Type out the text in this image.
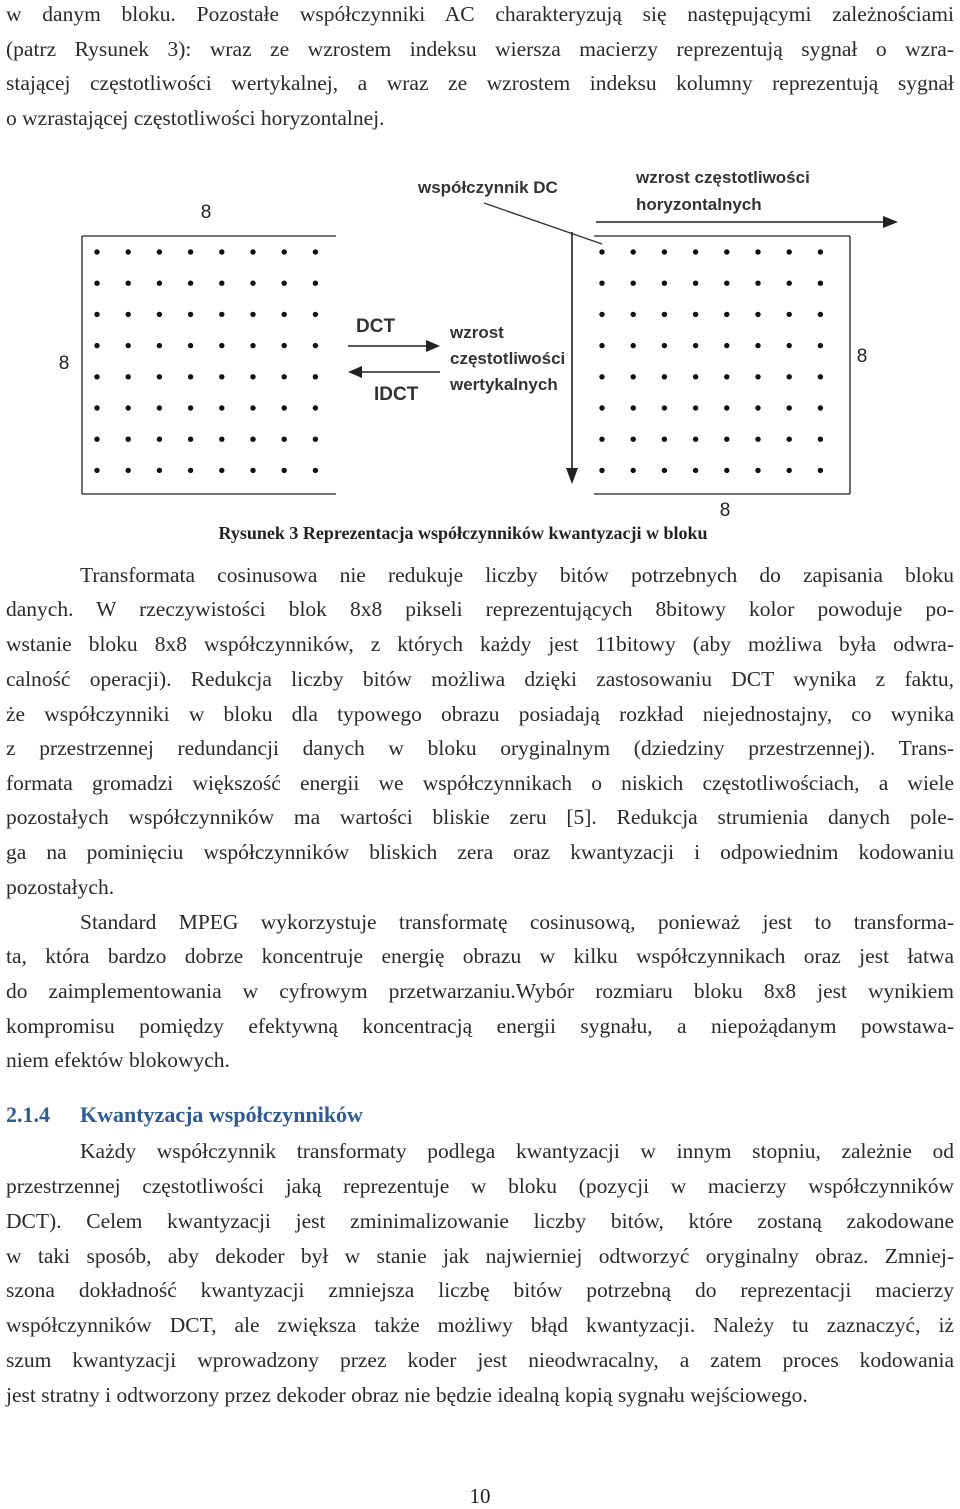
w danym bloku. Pozostałe współczynniki AC charakteryzują się następującymi zależnościami
(patrz Rysunek 3): wraz ze wzrostem indeksu wiersza macierzy reprezentują sygnał o wzra-
stającej częstotliwości wertykalnej, a wraz ze wzrostem indeksu kolumny reprezentują sygnał
o wzrastającej częstotliwości horyzontalnej.
8
8	8
8
współczynnik DC
wzrost częstotliwości
horyzontalnych
DCT
IDCT
wzrost
częstotliwości
wertykalnych
Rysunek 3 Reprezentacja współczynników kwantyzacji w bloku
Transformata cosinusowa nie redukuje liczby bitów potrzebnych do zapisania bloku
danych. W rzeczywistości blok 8x8 pikseli reprezentujących 8bitowy kolor powoduje po-
wstanie bloku 8x8 współczynników, z których każdy jest 11bitowy (aby możliwa była odwra-
calność operacji). Redukcja liczby bitów możliwa dzięki zastosowaniu DCT wynika z faktu,
że współczynniki w bloku dla typowego obrazu posiadają rozkład niejednostajny, co wynika
z przestrzennej redundancji danych w bloku oryginalnym (dziedziny przestrzennej). Trans-
formata gromadzi większość energii we współczynnikach o niskich częstotliwościach, a wiele
pozostałych współczynników ma wartości bliskie zeru [5]. Redukcja strumienia danych pole-
ga na pominięciu współczynników bliskich zera oraz kwantyzacji i odpowiednim kodowaniu
pozostałych.
Standard MPEG wykorzystuje transformatę cosinusową, ponieważ jest to transforma-
ta, która bardzo dobrze koncentruje energię obrazu w kilku współczynnikach oraz jest łatwa
do zaimplementowania w cyfrowym przetwarzaniu.Wybór rozmiaru bloku 8x8 jest wynikiem
kompromisu pomiędzy efektywną koncentracją energii sygnału, a niepożądanym powstawa-
niem efektów blokowych.
2.1.4 Kwantyzacja współczynników
Każdy współczynnik transformaty podlega kwantyzacji w innym stopniu, zależnie od
przestrzennej częstotliwości jaką reprezentuje w bloku (pozycji w macierzy współczynników
DCT). Celem kwantyzacji jest zminimalizowanie liczby bitów, które zostaną zakodowane
w taki sposób, aby dekoder był w stanie jak najwierniej odtworzyć oryginalny obraz. Zmniej-
szona dokładność kwantyzacji zmniejsza liczbę bitów potrzebną do reprezentacji macierzy
współczynników DCT, ale zwiększa także możliwy błąd kwantyzacji. Należy tu zaznaczyć, iż
szum kwantyzacji wprowadzony przez koder jest nieodwracalny, a zatem proces kodowania
jest stratny i odtworzony przez dekoder obraz nie będzie idealną kopią sygnału wejściowego.
10
